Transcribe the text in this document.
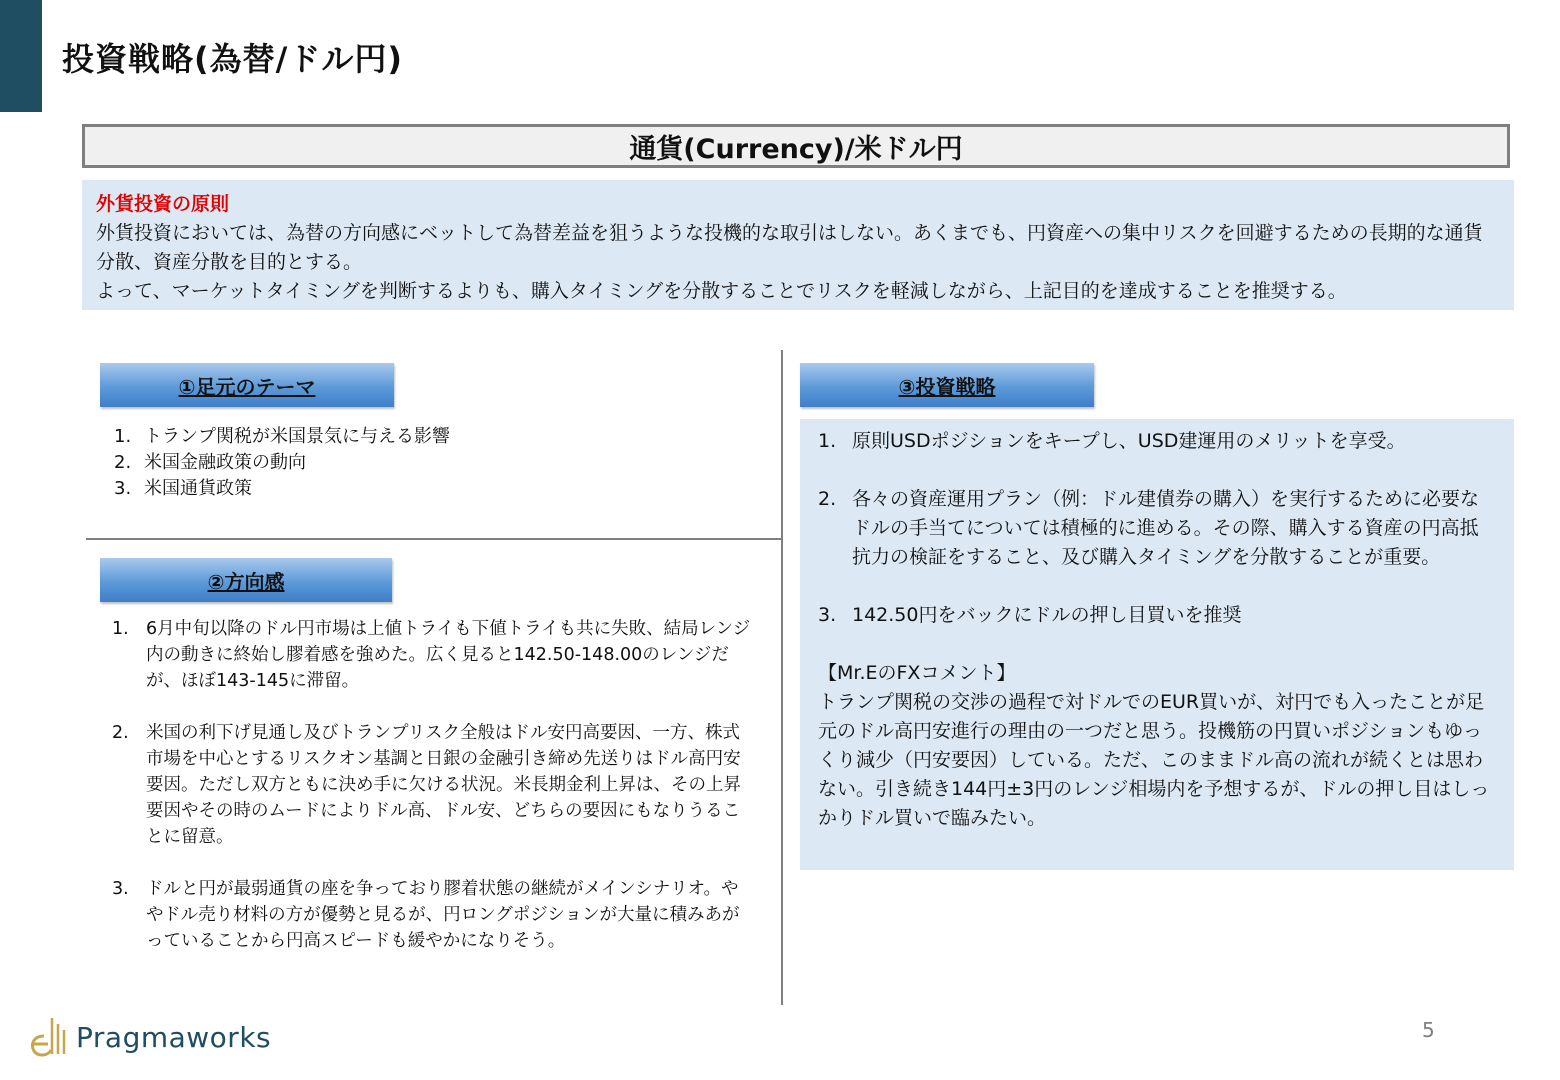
投資戦略(為替/ドル円)
通貨(Currency)/米ドル円
外貨投資の原則

外貨投資においては、為替の方向感にベットして為替差益を狙うような投機的な取引はしない。あくまでも、円資産への集中リスクを回避するための長期的な通貨分散、資産分散を目的とする。

よって、マーケットタイミングを判断するよりも、購入タイミングを分散することでリスクを軽減しながら、上記目的を達成することを推奨する。

①足元のテーマ
1. トランプ関税が米国景気に与える影響
2. 米国金融政策の動向
3. 米国通貨政策
②方向感
1. 6月中旬以降のドル円市場は上値トライも下値トライも共に失敗、結局レンジ内の動きに終始し膠着感を強めた。広く見ると142.50-148.00のレンジだが、ほぼ143-145に滞留。
2. 米国の利下げ見通し及びトランプリスク全般はドル安円高要因、一方、株式市場を中心とするリスクオン基調と日銀の金融引き締め先送りはドル高円安要因。ただし双方ともに決め手に欠ける状況。米長期金利上昇は、その上昇要因やその時のムードによりドル高、ドル安、どちらの要因にもなりうることに留意。
3. ドルと円が最弱通貨の座を争っており膠着状態の継続がメインシナリオ。ややドル売り材料の方が優勢と見るが、円ロングポジションが大量に積みあがっていることから円高スピードも緩やかになりそう。
③投資戦略
1. 原則USDポジションをキープし、USD建運用のメリットを享受。
2. 各々の資産運用プラン（例：ドル建債券の購入）を実行するために必要なドルの手当てについては積極的に進める。その際、購入する資産の円高抵抗力の検証をすること、及び購入タイミングを分散することが重要。
3. 142.50円をバックにドルの押し目買いを推奨

【Mr.EのFXコメント】

トランプ関税の交渉の過程で対ドルでのEUR買いが、対円でも入ったことが足元のドル高円安進行の理由の一つだと思う。投機筋の円買いポジションもゆっくり減少（円安要因）している。ただ、このままドル高の流れが続くとは思わない。引き続き144円±3円のレンジ相場内を予想するが、ドルの押し目はしっかりドル買いで臨みたい。

Pragmaworks	5
